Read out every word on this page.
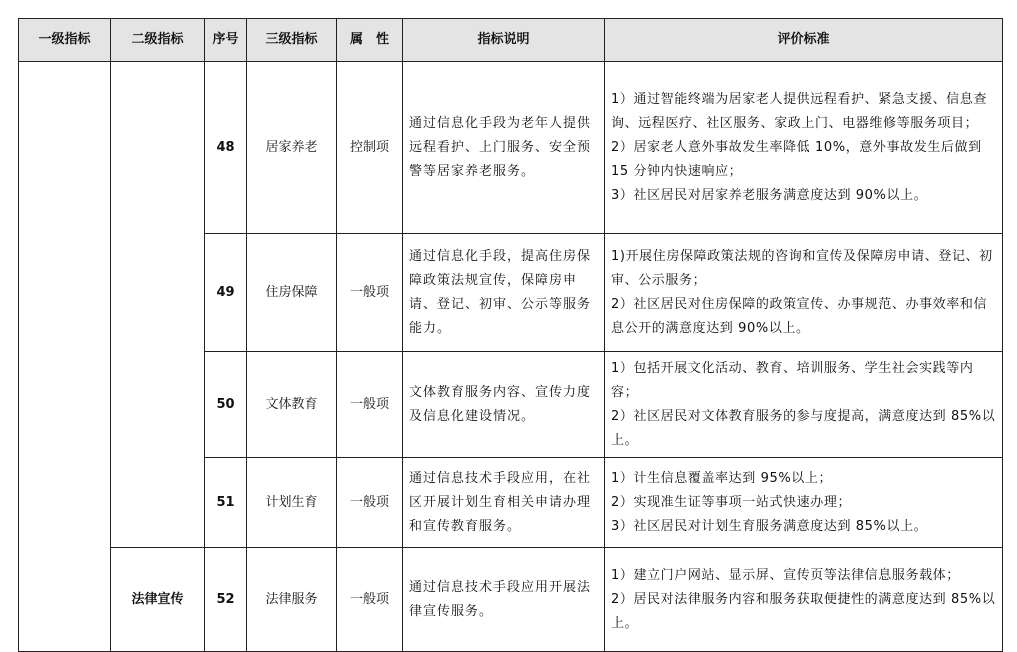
一级指标	二级指标	序号	三级指标	属　性	指标说明	评价标准
		48	居家养老	控制项	通过信息化手段为老年人提供远程看护、上门服务、安全预警等居家养老服务。	1）通过智能终端为居家老人提供远程看护、紧急支援、信息查询、远程医疗、社区服务、家政上门、电器维修等服务项目；
2）居家老人意外事故发生率降低 10%，意外事故发生后做到 15 分钟内快速响应；
3）社区居民对居家养老服务满意度达到 90%以上。

		49	住房保障	一般项	通过信息化手段，提高住房保障政策法规宣传，保障房申请、登记、初审、公示等服务能力。	1)开展住房保障政策法规的咨询和宣传及保障房申请、登记、初审、公示服务；
2）社区居民对住房保障的政策宣传、办事规范、办事效率和信息公开的满意度达到 90%以上。

		50	文体教育	一般项	文体教育服务内容、宣传力度及信息化建设情况。	1）包括开展文化活动、教育、培训服务、学生社会实践等内容；
2）社区居民对文体教育服务的参与度提高，满意度达到 85%以上。

		51	计划生育	一般项	通过信息技术手段应用，在社区开展计划生育相关申请办理和宣传教育服务。	1）计生信息覆盖率达到 95%以上；
2）实现准生证等事项一站式快速办理；
3）社区居民对计划生育服务满意度达到 85%以上。

	法律宣传	52	法律服务	一般项	通过信息技术手段应用开展法律宣传服务。	1）建立门户网站、显示屏、宣传页等法律信息服务载体；
2）居民对法律服务内容和服务获取便捷性的满意度达到 85%以上。
